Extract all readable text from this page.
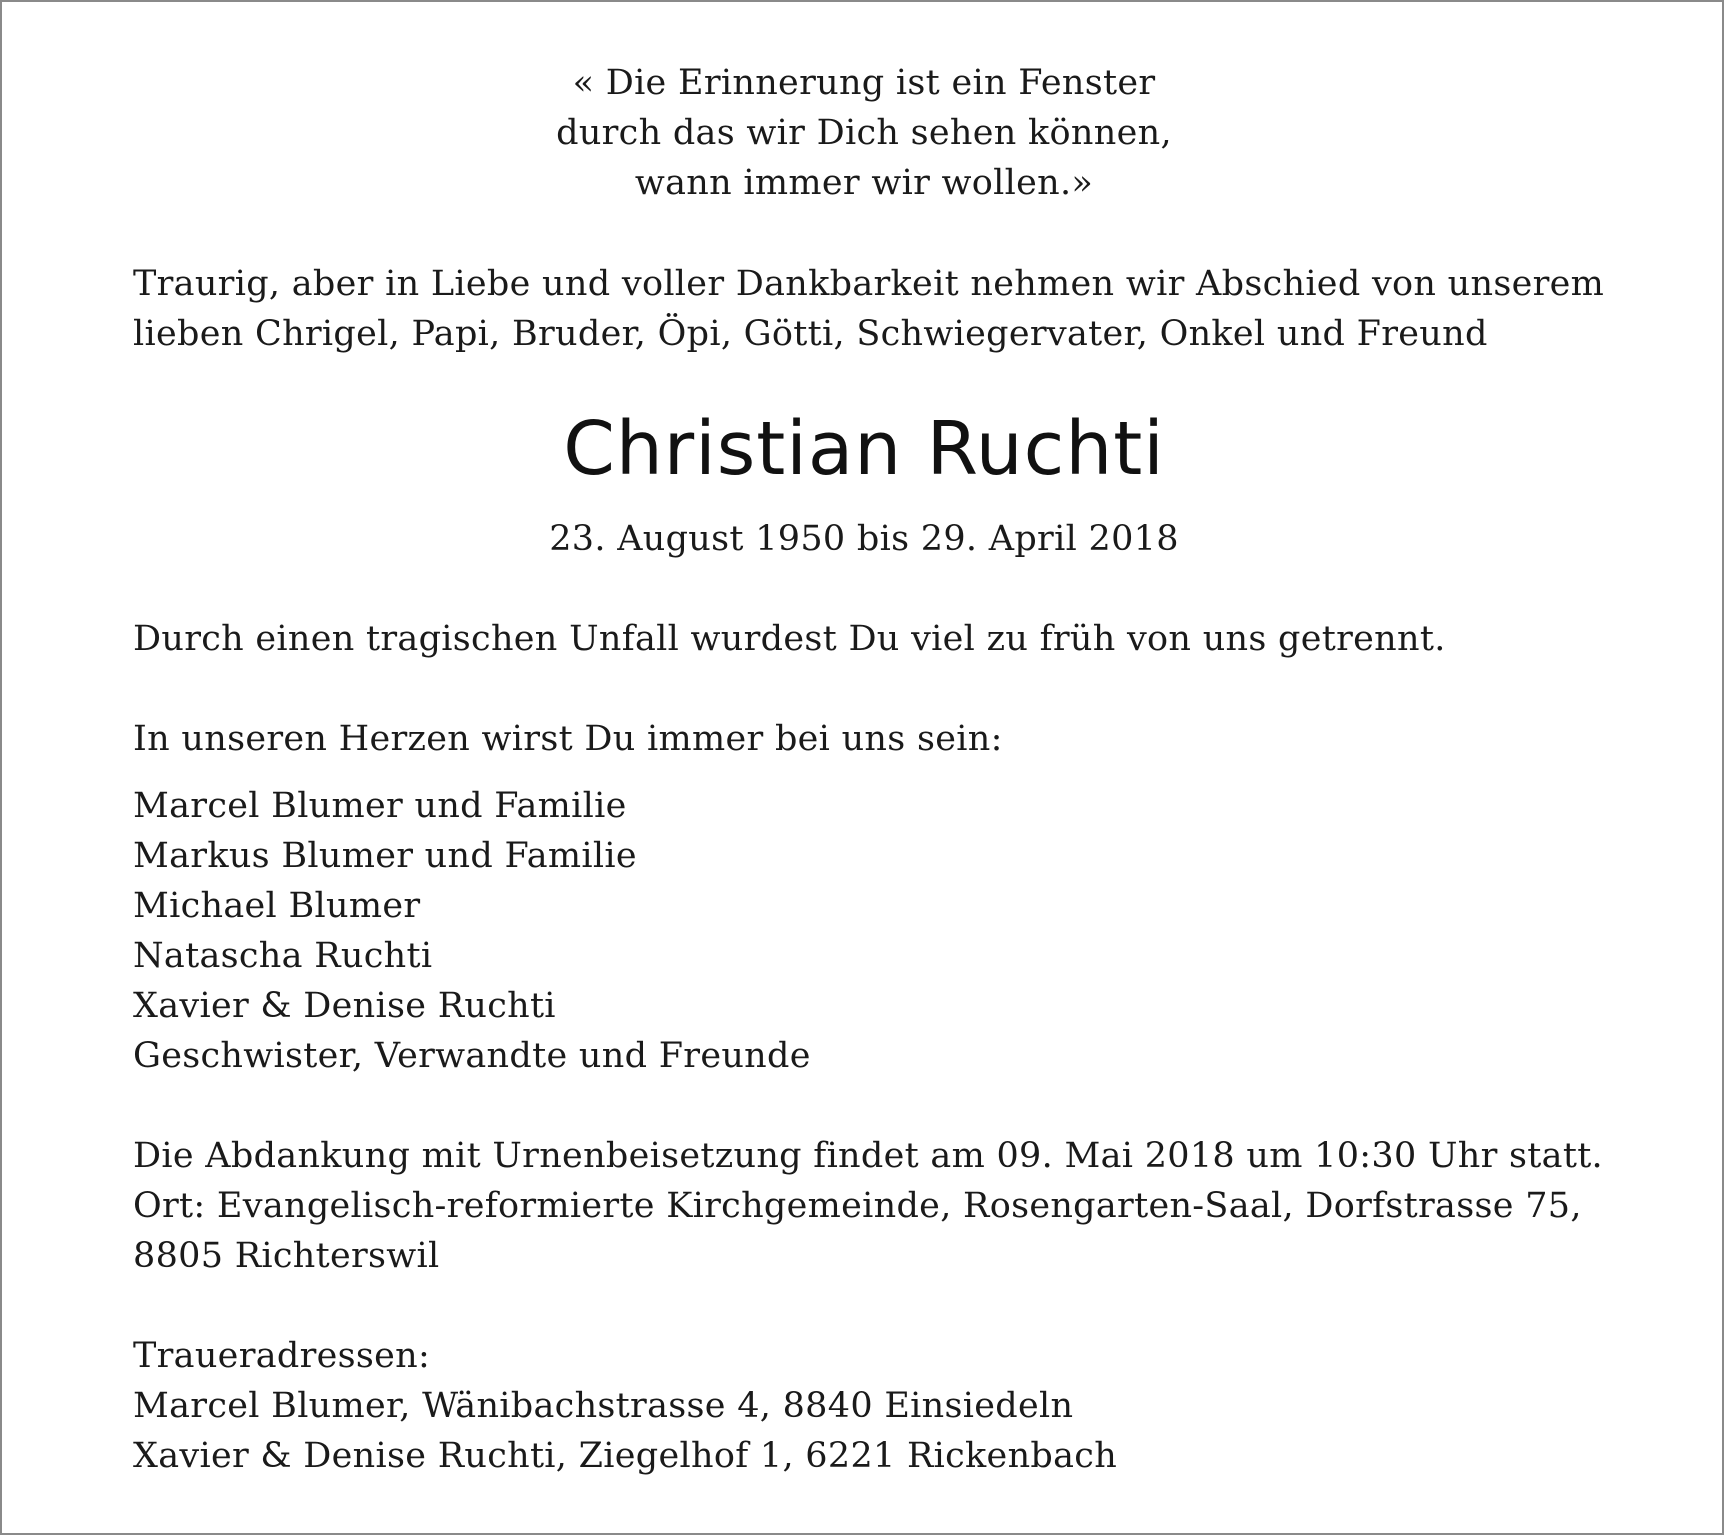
« Die Erinnerung ist ein Fenster
durch das wir Dich sehen können,
wann immer wir wollen.»
Traurig, aber in Liebe und voller Dankbarkeit nehmen wir Abschied von unserem
lieben Chrigel, Papi, Bruder, Öpi, Götti, Schwiegervater, Onkel und Freund
Christian Ruchti
23. August 1950 bis 29. April 2018
Durch einen tragischen Unfall wurdest Du viel zu früh von uns getrennt.
In unseren Herzen wirst Du immer bei uns sein:
Marcel Blumer und Familie
Markus Blumer und Familie
Michael Blumer
Natascha Ruchti
Xavier & Denise Ruchti
Geschwister, Verwandte und Freunde
Die Abdankung mit Urnenbeisetzung findet am 09. Mai 2018 um 10:30 Uhr statt.
Ort: Evangelisch-reformierte Kirchgemeinde, Rosengarten-Saal, Dorfstrasse 75,
8805 Richterswil
Traueradressen:
Marcel Blumer, Wänibachstrasse 4, 8840 Einsiedeln
Xavier & Denise Ruchti, Ziegelhof 1, 6221 Rickenbach
